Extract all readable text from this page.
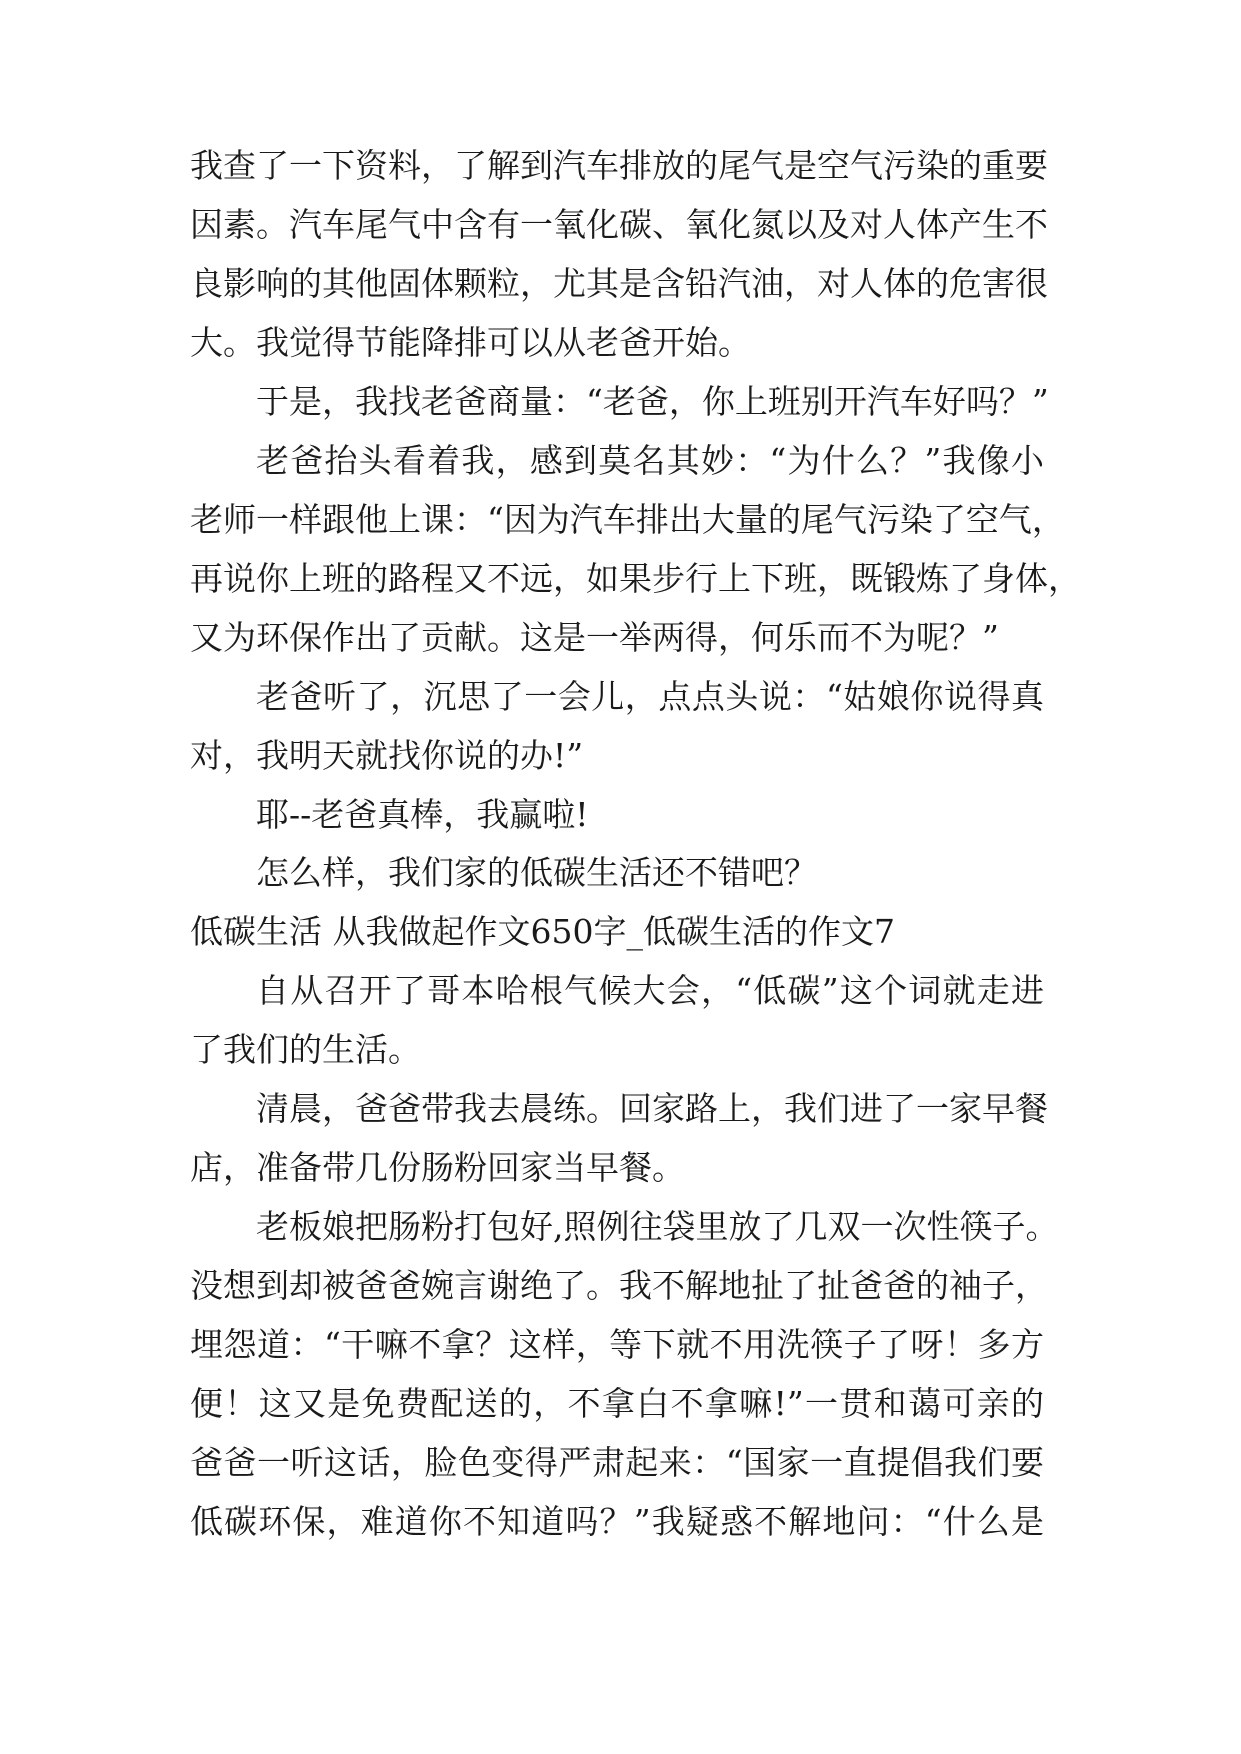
我查了一下资料，了解到汽车排放的尾气是空气污染的重要
因素。汽车尾气中含有一氧化碳、氧化氮以及对人体产生不
良影响的其他固体颗粒，尤其是含铅汽油，对人体的危害很
大。我觉得节能降排可以从老爸开始。
于是，我找老爸商量：“老爸，你上班别开汽车好吗？”
老爸抬头看着我，感到莫名其妙：“为什么？”我像小
老师一样跟他上课：“因为汽车排出大量的尾气污染了空气，
再说你上班的路程又不远，如果步行上下班，既锻炼了身体，
又为环保作出了贡献。这是一举两得，何乐而不为呢？”
老爸听了，沉思了一会儿，点点头说：“姑娘你说得真
对，我明天就找你说的办!”
耶--老爸真棒，我赢啦!
怎么样，我们家的低碳生活还不错吧？
低碳生活 从我做起作文650字_低碳生活的作文7
自从召开了哥本哈根气候大会，“低碳”这个词就走进
了我们的生活。
清晨，爸爸带我去晨练。回家路上，我们进了一家早餐
店，准备带几份肠粉回家当早餐。
老板娘把肠粉打包好,照例往袋里放了几双一次性筷子。
没想到却被爸爸婉言谢绝了。我不解地扯了扯爸爸的袖子，
埋怨道：“干嘛不拿？这样，等下就不用洗筷子了呀！多方
便！这又是免费配送的，不拿白不拿嘛!”一贯和蔼可亲的
爸爸一听这话，脸色变得严肃起来：“国家一直提倡我们要
低碳环保，难道你不知道吗？”我疑惑不解地问：“什么是
